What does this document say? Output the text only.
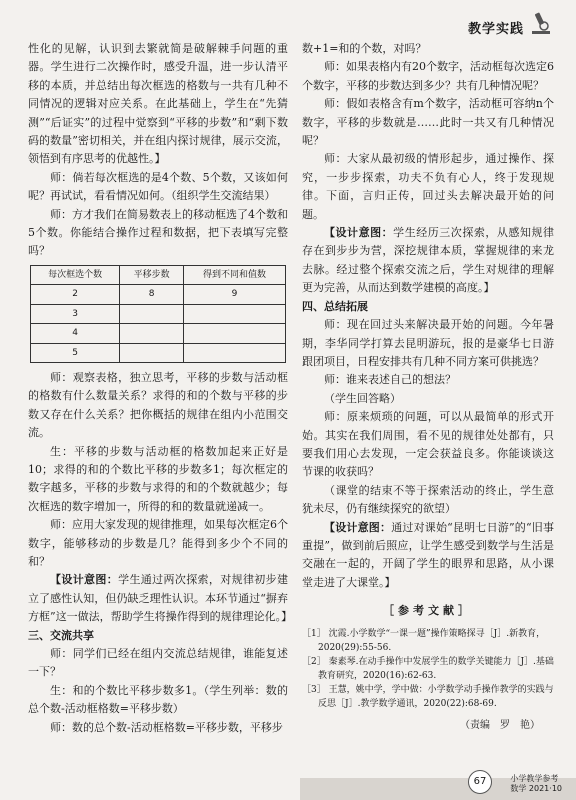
教学实践

性化的见解，认识到去繁就简是破解棘手问题的重器。学生进行二次操作时，感受升温，进一步认清平移的本质，并总结出每次框选的格数与一共有几种不同情况的逻辑对应关系。在此基础上，学生在“先猜测”“后证实”的过程中觉察到“平移的步数”和“剩下数码的数量”密切相关，并在组内探讨规律，展示交流，领悟到有序思考的优越性。】

师：倘若每次框选的是4个数、5个数，又该如何呢？再试试，看看情况如何。（组织学生交流结果）

师：方才我们在简易数表上的移动框选了4个数和5个数。你能结合操作过程和数据，把下表填写完整吗？

每次框选个数	平移步数	得到不同和值数
2	8	9
3		
4		
5		

师：观察表格，独立思考，平移的步数与活动框的格数有什么数量关系？求得的和的个数与平移的步数又存在什么关系？把你概括的规律在组内小范围交流。

生：平移的步数与活动框的格数加起来正好是10；求得的和的个数比平移的步数多1；每次框定的数字越多，平移的步数与求得的和的个数就越少；每次框选的数字增加一，所得的和的数量就递减一。

师：应用大家发现的规律推理，如果每次框定6个数字，能够移动的步数是几？能得到多少个不同的和？

【设计意图：学生通过两次探索，对规律初步建立了感性认知，但仍缺乏理性认识。本环节通过“摒弃方框”这一做法，帮助学生将操作得到的规律理论化。】

三、交流共享

师：同学们已经在组内交流总结规律，谁能复述一下？

生：和的个数比平移步数多1。（学生列举：数的总个数-活动框格数=平移步数）

师：数的总个数-活动框格数=平移步数，平移步

数+1=和的个数，对吗？

师：如果表格内有20个数字，活动框每次选定6个数字，平移的步数达到多少？共有几种情况呢？

师：假如表格含有m个数字，活动框可容纳n个数字，平移的步数就是……此时一共又有几种情况呢？

师：大家从最初级的情形起步，通过操作、探究，一步步探索，功夫不负有心人，终于发现规律。下面，言归正传，回过头去解决最开始的问题。

【设计意图：学生经历三次探索，从感知规律存在到步步为营，深挖规律本质，掌握规律的来龙去脉。经过整个探索交流之后，学生对规律的理解更为完善，从而达到数学建模的高度。】

四、总结拓展

师：现在回过头来解决最开始的问题。今年暑期，李华同学打算去昆明游玩，报的是豪华七日游跟团项目，日程安排共有几种不同方案可供挑选？

师：谁来表述自己的想法？

（学生回答略）

师：原来烦琐的问题，可以从最简单的形式开始。其实在我们周围，看不见的规律处处都有，只要我们用心去发现，一定会获益良多。你能谈谈这节课的收获吗？

（课堂的结束不等于探索活动的终止，学生意犹未尽，仍有继续探究的欲望）

【设计意图：通过对课始“昆明七日游”的“旧事重提”，做到前后照应，让学生感受到数学与生活是交融在一起的，开阔了学生的眼界和思路，从小课堂走进了大课堂。】

［参考文献］
［1］ 沈霞.小学数学“一课一题”操作策略探寻［J］.新教育，2020(29):55-56.
［2］ 秦素琴.在动手操作中发展学生的数学关键能力［J］.基础教育研究，2020(16):62-63.
［3］ 王慧，姚中学，学中做：小学数学动手操作教学的实践与反思［J］.教学数学通讯，2020(22):68-69.
（责编　罗　艳）
67	小学教学参考
数学 2021·10
